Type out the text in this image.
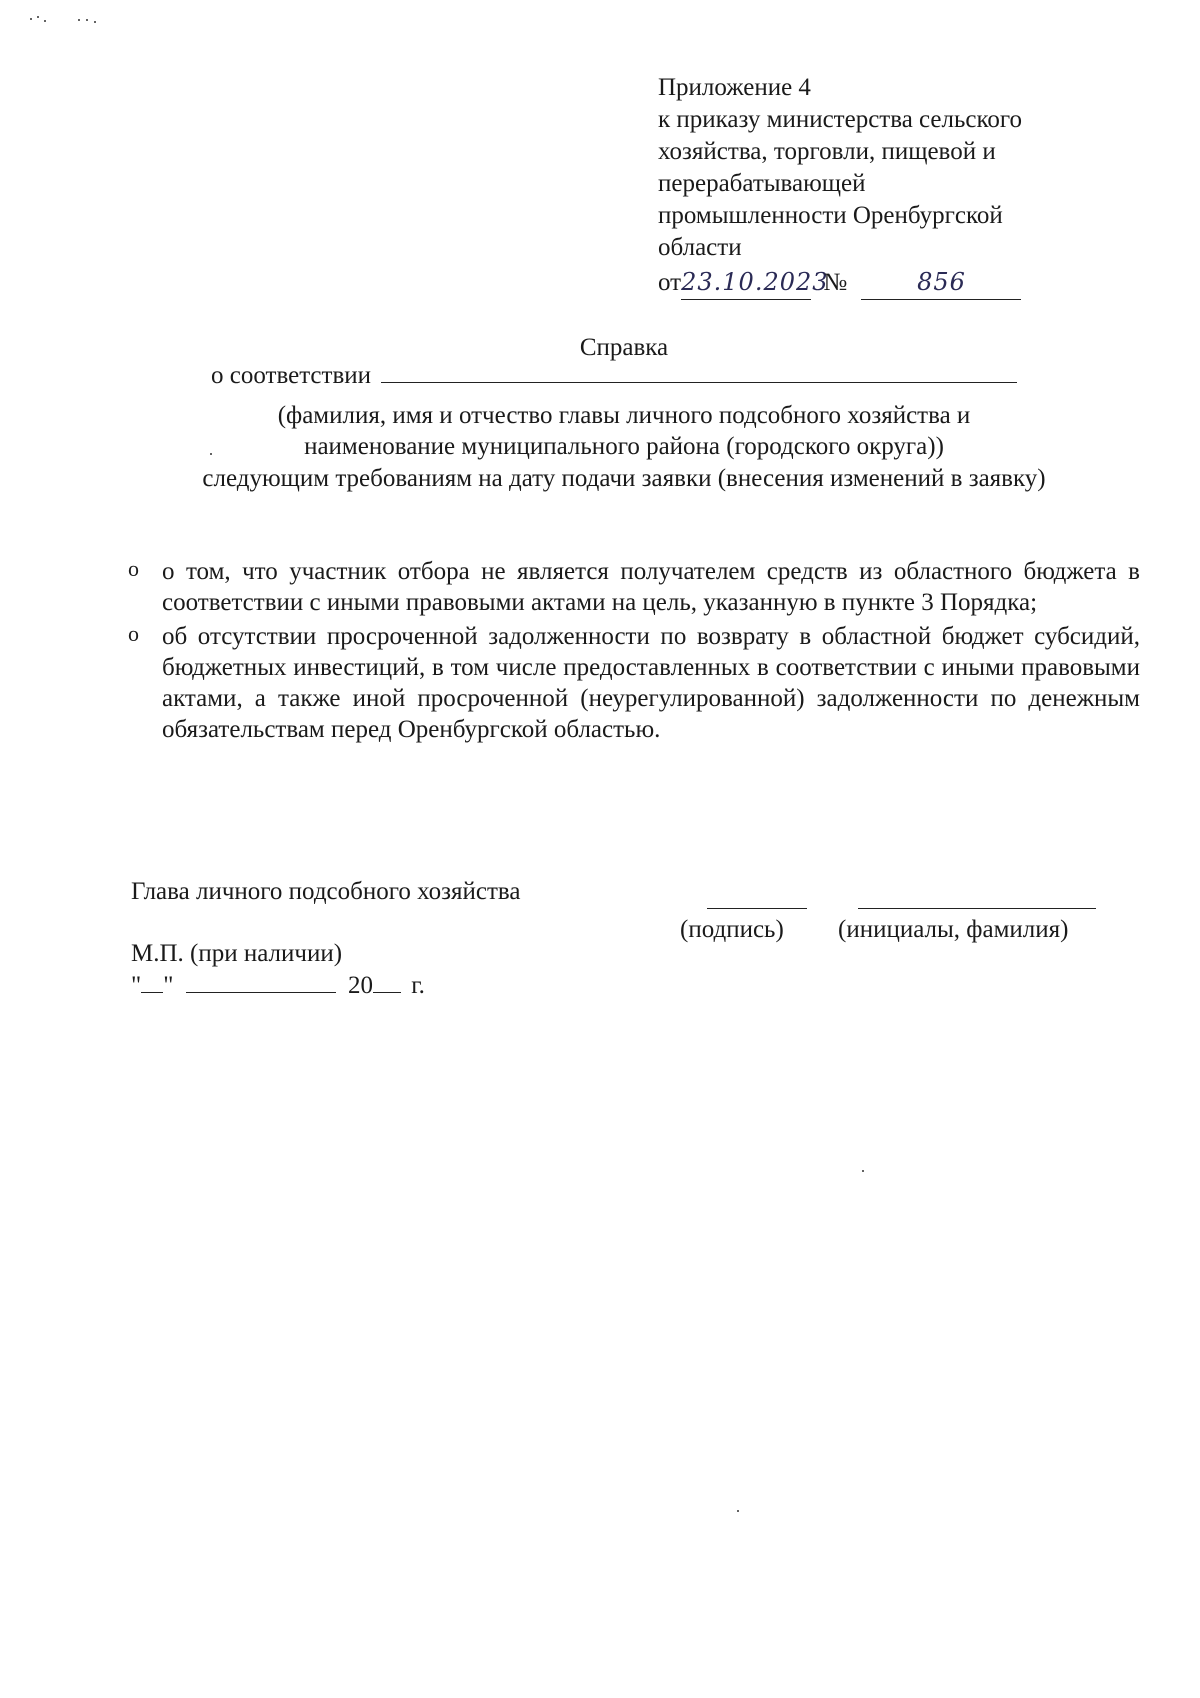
Приложение 4
к приказу министерства сельского
хозяйства, торговли, пищевой и
перерабатывающей
промышленности Оренбургской
области
от23.10.2023 №	856
Справка
о соответствии
(фамилия, имя и отчество главы личного подсобного хозяйства и
наименование муниципального района (городского округа))
следующим требованиям на дату подачи заявки (внесения изменений в заявку)
o о том, что участник отбора не является получателем средств из областного бюджета в соответствии с иными правовыми актами на цель, указанную в пункте 3 Порядка;
o об отсутствии просроченной задолженности по возврату в областной бюджет субсидий, бюджетных инвестиций, в том числе предоставленных в соответствии с иными правовыми актами, а также иной просроченной (неурегулированной) задолженности по денежным обязательствам перед Оренбургской областью.
Глава личного подсобного хозяйства
(подпись) (инициалы, фамилия)
М.П. (при наличии)
" "	20 г.
